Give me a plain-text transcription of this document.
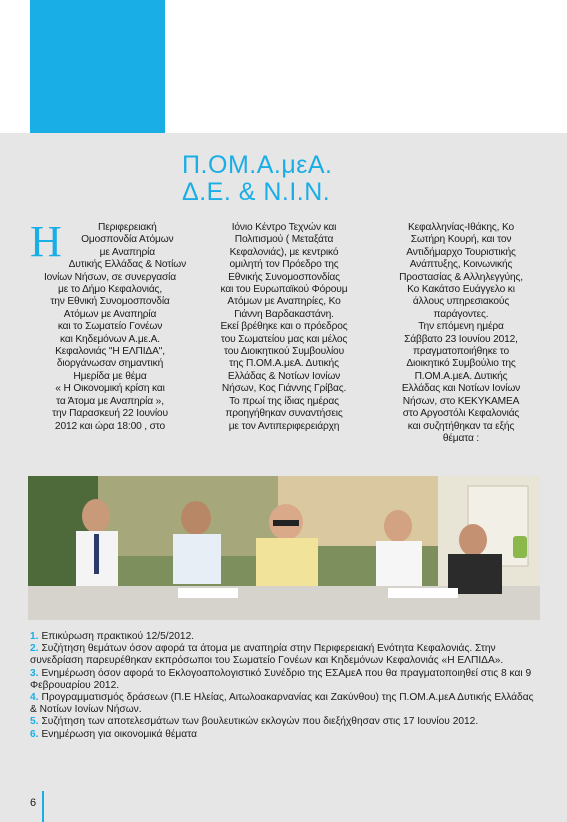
Π.ΟΜ.Α.μεΑ.
Δ.Ε. & Ν.Ι.Ν.
Η	Περιφερειακή

Ομοσπονδία Ατόμων

με Αναπηρία

Δυτικής Ελλάδας & Νοτίων

Ιονίων Νήσων, σε συνεργασία

με το Δήμο Κεφαλονιάς,

την Εθνική Συνομοσπονδία

Ατόμων με Αναπηρία

και το Σωματείο Γονέων

και Κηδεμόνων Α.με.Α.

Κεφαλονιάς "Η ΕΛΠΙΔΑ",

διοργάνωσαν σημαντική

Ημερίδα με θέμα

« Η Οικονομική κρίση και

τα Άτομα με Αναπηρία »,

την Παρασκευή 22 Ιουνίου

2012 και ώρα 18:00 , στο

Ιόνιο Κέντρο Τεχνών και

Πολιτισμού ( Μεταξάτα

Κεφαλονιάς), με κεντρικό

ομιλητή τον Πρόεδρο της

Εθνικής Συνομοσπονδίας

και του Ευρωπαϊκού Φόρουμ

Ατόμων με Αναπηρίες, Κο

Γιάννη Βαρδακαστάνη.

Εκεί βρέθηκε και ο πρόεδρος

του Σωματείου μας και μέλος

του Διοικητικού Συμβουλίου

της Π.ΟΜ.Α.μεΑ. Δυτικής

Ελλάδας & Νοτίων Ιονίων

Νήσων, Κος Γιάννης Γρίβας.

Το πρωί της ίδιας ημέρας

προηγήθηκαν συναντήσεις

με τον Αντιπεριφερειάρχη

Κεφαλληνίας-Ιθάκης, Κο

Σωτήρη Κουρή, και τον

Αντιδήμαρχο Τουριστικής

Ανάπτυξης, Κοινωνικής

Προστασίας & Αλληλεγγύης,

Κο Κακάτσο Ευάγγελο κι

άλλους υπηρεσιακούς

παράγοντες.

Την επόμενη ημέρα

Σάββατο 23 Ιουνίου 2012,

πραγματοποιήθηκε το

Διοικητικό Συμβούλιο της

Π.ΟΜ.Α.μεΑ. Δυτικής

Ελλάδας και Νοτίων Ιονίων

Νήσων, στο ΚΕΚΥΚΑΜΕΑ

στο Αργοστόλι Κεφαλονιάς

και συζητήθηκαν τα εξής

θέματα :

1. Επικύρωση πρακτικού 12/5/2012.

2. Συζήτηση θεμάτων όσον αφορά τα άτομα με αναπηρία στην Περιφερειακή Ενότητα Κεφαλονιάς. Στην συνεδρίαση παρευρέθηκαν εκπρόσωποι του Σωματείο Γονέων και Κηδεμόνων Κεφαλονιάς «Η ΕΛΠΙΔΑ».

3. Ενημέρωση όσον αφορά το Εκλογοαπολογιστικό Συνέδριο της ΕΣΑμεΑ που θα πραγματοποιηθεί στις 8 και 9 Φεβρουαρίου 2012.

4. Προγραμματισμός δράσεων (Π.Ε Ηλείας, Αιτωλοακαρνανίας και Ζακύνθου) της Π.ΟΜ.Α.μεΑ Δυτικής Ελλάδας & Νοτίων Ιονίων Νήσων.

5. Συζήτηση των αποτελεσμάτων των βουλευτικών εκλογών που διεξήχθησαν στις 17 Ιουνίου 2012.

6. Ενημέρωση για οικονομικά θέματα

6
